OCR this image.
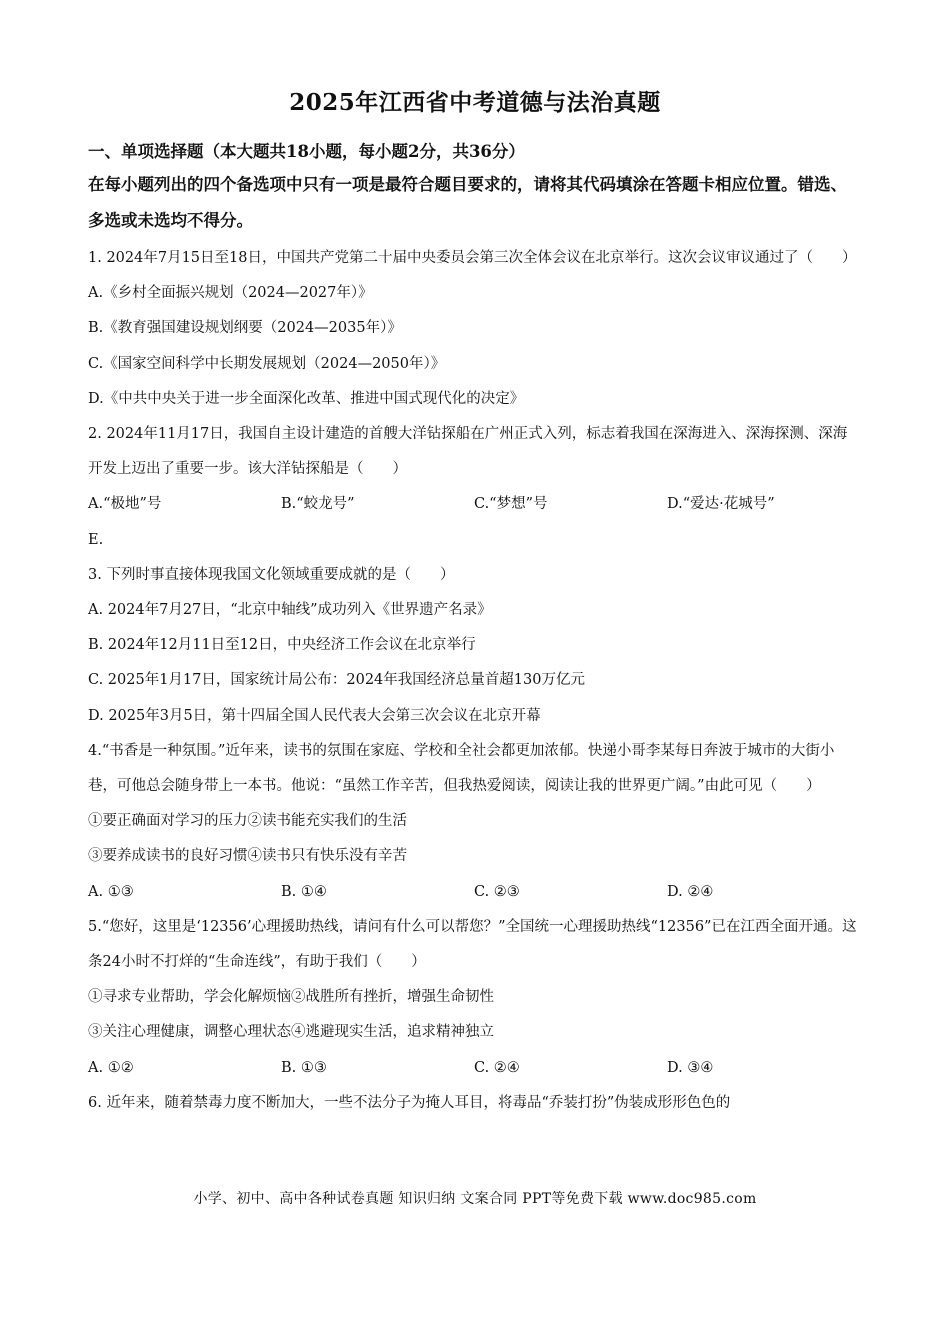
2025年江西省中考道德与法治真题

一、单项选择题（本大题共18小题，每小题2分，共36分）

在每小题列出的四个备选项中只有一项是最符合题目要求的，请将其代码填涂在答题卡相应位置。错选、多选或未选均不得分。

1. 2024年7月15日至18日，中国共产党第二十届中央委员会第三次全体会议在北京举行。这次会议审议通过了（　　）

A.《乡村全面振兴规划（2024—2027年）》

B.《教育强国建设规划纲要（2024—2035年）》

C.《国家空间科学中长期发展规划（2024—2050年）》

D.《中共中央关于进一步全面深化改革、推进中国式现代化的决定》

2. 2024年11月17日，我国自主设计建造的首艘大洋钻探船在广州正式入列，标志着我国在深海进入、深海探测、深海开发上迈出了重要一步。该大洋钻探船是（　　）

A.“极地”号	B.“蛟龙号”	C.“梦想”号	D.“爱达·花城号”

E.

3. 下列时事直接体现我国文化领域重要成就的是（　　）

A. 2024年7月27日，“北京中轴线”成功列入《世界遗产名录》

B. 2024年12月11日至12日，中央经济工作会议在北京举行

C. 2025年1月17日，国家统计局公布：2024年我国经济总量首超130万亿元

D. 2025年3月5日，第十四届全国人民代表大会第三次会议在北京开幕

4.“书香是一种氛围。”近年来，读书的氛围在家庭、学校和全社会都更加浓郁。快递小哥李某每日奔波于城市的大街小巷，可他总会随身带上一本书。他说：“虽然工作辛苦，但我热爱阅读，阅读让我的世界更广阔。”由此可见（　　）

①要正确面对学习的压力②读书能充实我们的生活

③要养成读书的良好习惯④读书只有快乐没有辛苦

A. ①③	B. ①④	C. ②③	D. ②④

5.“您好，这里是‘12356’心理援助热线，请问有什么可以帮您？”全国统一心理援助热线“12356”已在江西全面开通。这条24小时不打烊的“生命连线”，有助于我们（　　）

①寻求专业帮助，学会化解烦恼②战胜所有挫折，增强生命韧性

③关注心理健康，调整心理状态④逃避现实生活，追求精神独立

A. ①②	B. ①③	C. ②④	D. ③④

6. 近年来，随着禁毒力度不断加大，一些不法分子为掩人耳目，将毒品“乔装打扮”伪装成形形色色的

小学、初中、高中各种试卷真题 知识归纳 文案合同 PPT等免费下载 www.doc985.com
